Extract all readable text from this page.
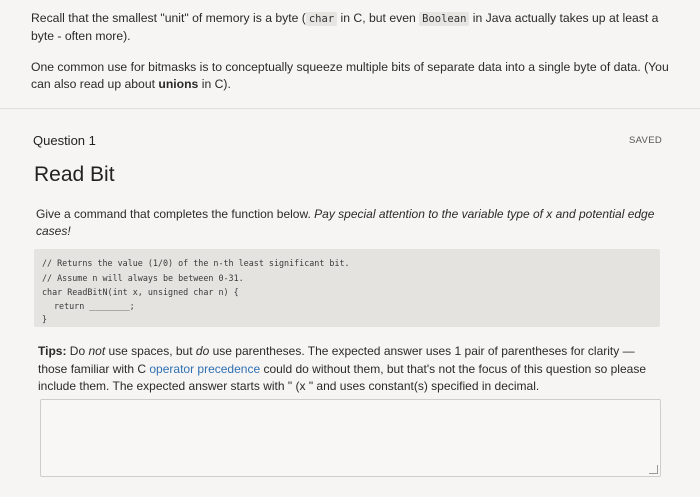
Recall that the smallest "unit" of memory is a byte ( char in C, but even Boolean in Java actually takes up at least a byte - often more).
One common use for bitmasks is to conceptually squeeze multiple bits of separate data into a single byte of data. (You can also read up about unions in C).
Question 1	SAVED
Read Bit
Give a command that completes the function below. Pay special attention to the variable type of x and potential edge cases!
// Returns the value (1/0) of the n-th least significant bit.
// Assume n will always be between 0-31.
char ReadBitN(int x, unsigned char n) {
return ________;
}
Tips: Do not use spaces, but do use parentheses. The expected answer uses 1 pair of parentheses for clarity — those familiar with C operator precedence could do without them, but that's not the focus of this question so please include them. The expected answer starts with " (x " and uses constant(s) specified in decimal.
